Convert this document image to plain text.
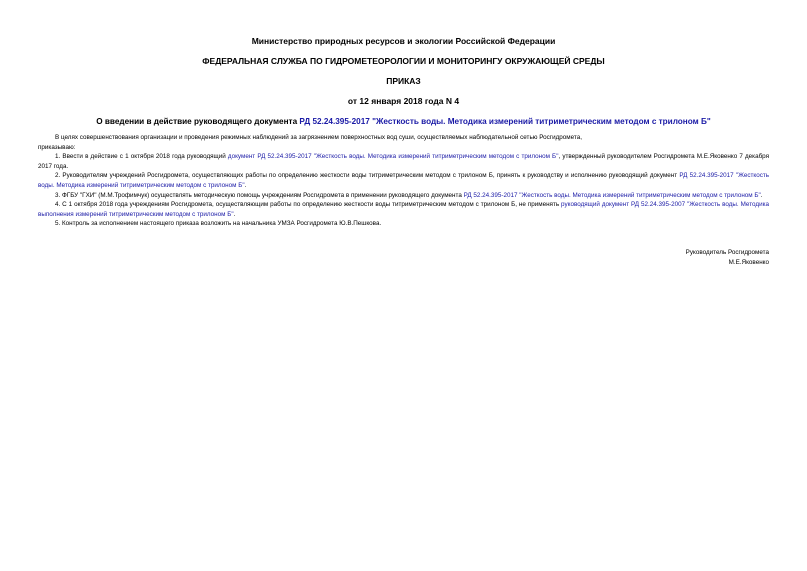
Министерство природных ресурсов и экологии Российской Федерации
ФЕДЕРАЛЬНАЯ СЛУЖБА ПО ГИДРОМЕТЕОРОЛОГИИ И МОНИТОРИНГУ ОКРУЖАЮЩЕЙ СРЕДЫ
ПРИКАЗ
от 12 января 2018 года N 4
О введении в действие руководящего документа РД 52.24.395-2017 "Жесткость воды. Методика измерений титриметрическим методом с трилоном Б"

В целях совершенствования организации и проведения режимных наблюдений за загрязнением поверхностных вод суши, осуществляемых наблюдательной сетью Росгидромета,

приказываю:

1. Ввести в действие с 1 октября 2018 года руководящий документ РД 52.24.395-2017 "Жесткость воды. Методика измерений титриметрическим методом с трилоном Б", утвержденный руководителем Росгидромета М.Е.Яковенко 7 декабря 2017 года.

2. Руководителям учреждений Росгидромета, осуществляющих работы по определению жесткости воды титриметрическим методом с трилоном Б, принять к руководству и исполнению руководящий документ РД 52.24.395-2017 "Жесткость воды. Методика измерений титриметрическим методом с трилоном Б".

3. ФГБУ "ГХИ" (М.М.Трофимчук) осуществлять методическую помощь учреждениям Росгидромета в применении руководящего документа РД 52.24.395-2017 "Жесткость воды. Методика измерений титриметрическим методом с трилоном Б".

4. С 1 октября 2018 года учреждениям Росгидромета, осуществляющим работы по определению жесткости воды титриметрическим методом с трилоном Б, не применять руководящий документ РД 52.24.395-2007 "Жесткость воды. Методика выполнения измерений титриметрическим методом с трилоном Б".

5. Контроль за исполнением настоящего приказа возложить на начальника УМЗА Росгидромета Ю.В.Пешкова.

Руководитель Росгидромета
М.Е.Яковенко
